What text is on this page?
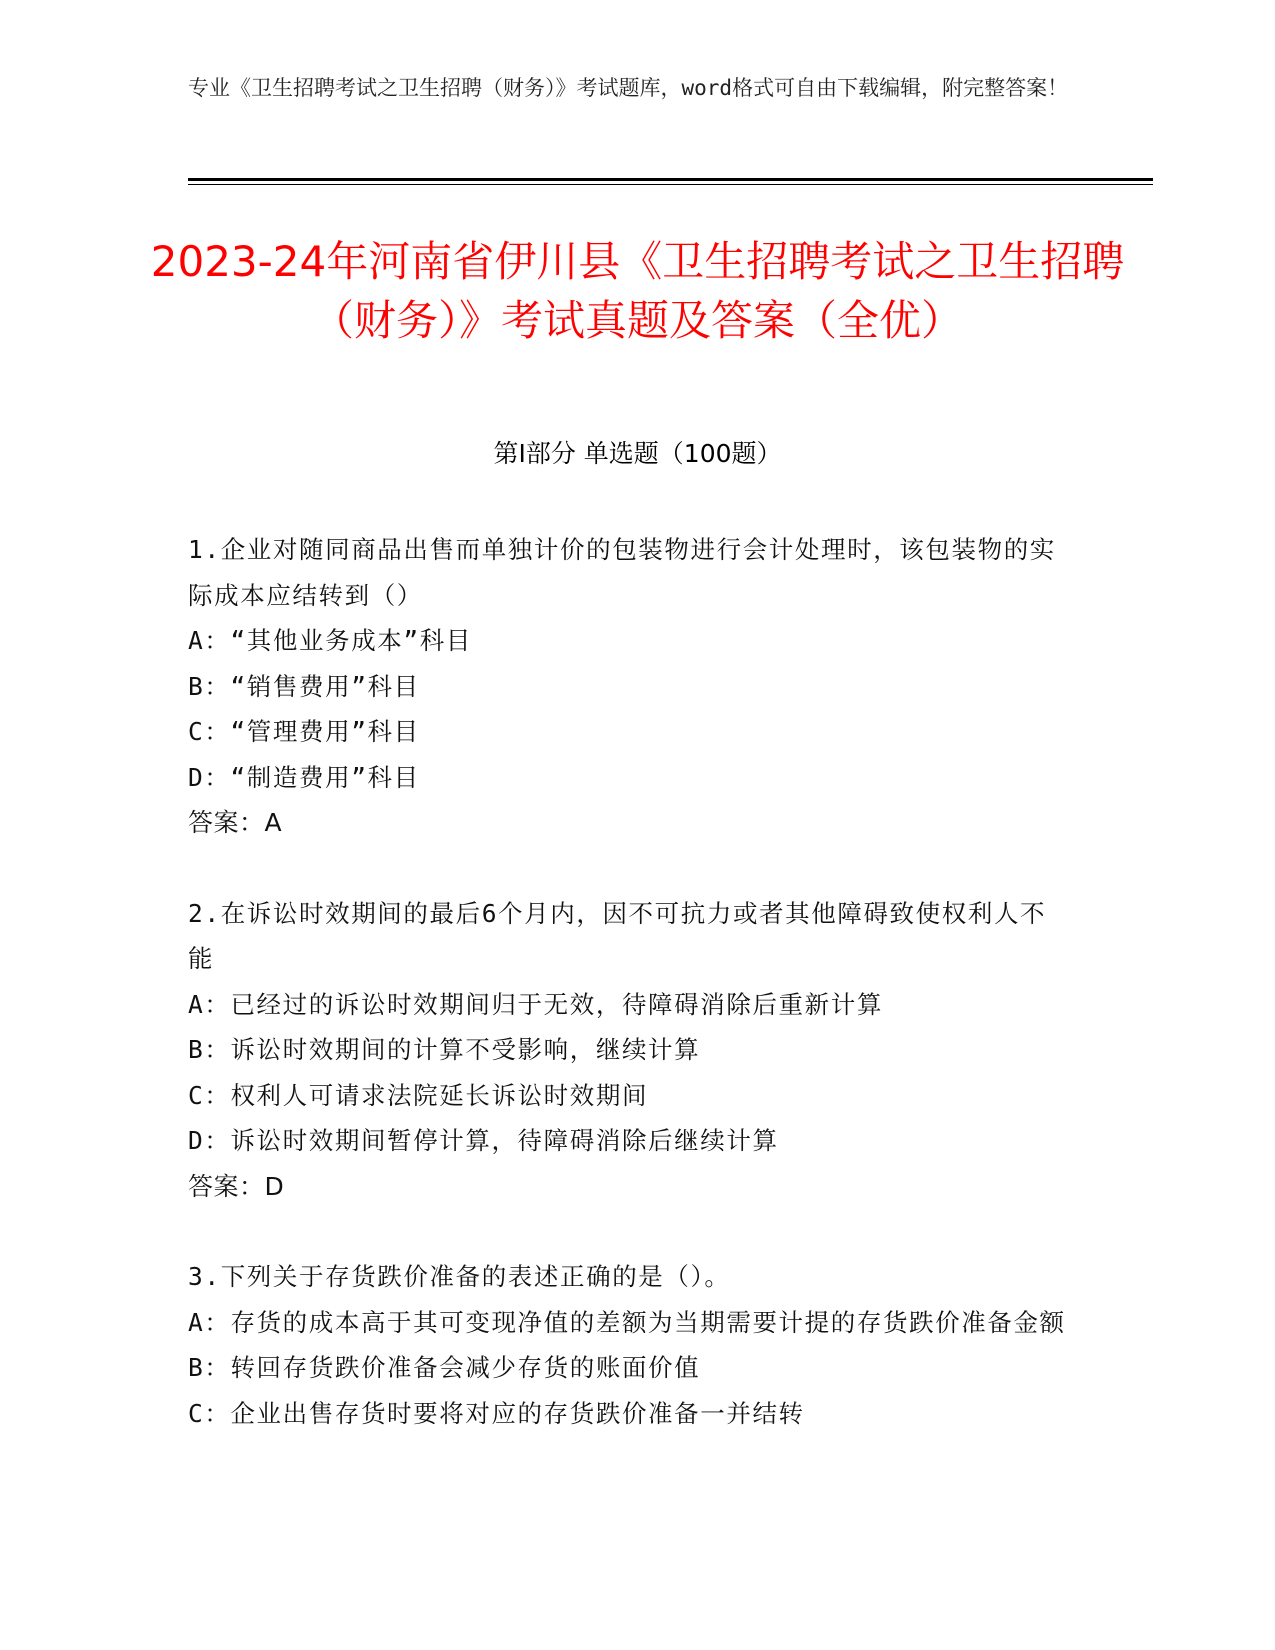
专业《卫生招聘考试之卫生招聘（财务）》考试题库，word格式可自由下载编辑，附完整答案！
2023-24年河南省伊川县《卫生招聘考试之卫生招聘（财务）》考试真题及答案（全优）
第Ⅰ部分 单选题（100题）
1.企业对随同商品出售而单独计价的包装物进行会计处理时，该包装物的实际成本应结转到（）
A：“其他业务成本”科目
B：“销售费用”科目
C：“管理费用”科目
D：“制造费用”科目
答案：A
2.在诉讼时效期间的最后6个月内，因不可抗力或者其他障碍致使权利人不能
A：已经过的诉讼时效期间归于无效，待障碍消除后重新计算
B：诉讼时效期间的计算不受影响，继续计算
C：权利人可请求法院延长诉讼时效期间
D：诉讼时效期间暂停计算，待障碍消除后继续计算
答案：D
3.下列关于存货跌价准备的表述正确的是（）。
A：存货的成本高于其可变现净值的差额为当期需要计提的存货跌价准备金额
B：转回存货跌价准备会减少存货的账面价值
C：企业出售存货时要将对应的存货跌价准备一并结转
